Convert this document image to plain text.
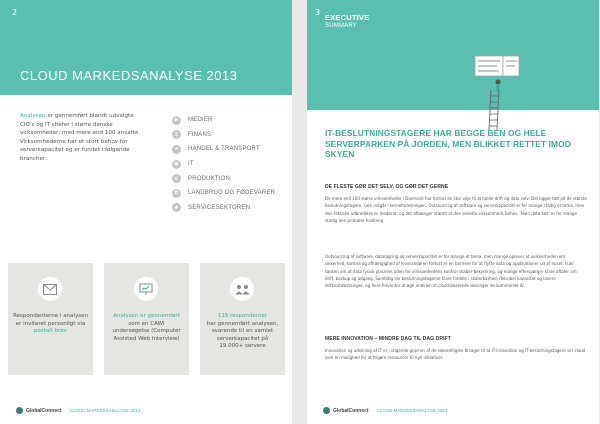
2
CLOUD MARKEDSANALYSE 2013
Analysen er gennemført blandt udvalgte CIO's og IT chefer i større danske virksomheder, med mere end 100 ansatte. Virksomhederne har et stort behov for serverkapacitet og er fundet i følgende brancher:
▶	MEDIER
$	FINANS
➜	HANDEL & TRANSPORT
▣	IT
⚙	PRODUKTION
✿	LANDBRUG OG FØDEVARER
✚	SERVICESEKTOREN
Respondenterne i analysen er inviteret personligt via
postalt brev
Analysen er gennemført
som en CAWI undersøgelse (Computer Assisted Web Interview)
115 respondenter
har gennemført analysen, svarende til en samlet serverkapacitet på 19.000+ servere
GlobalConnect CLOUD MARKEDSANALYSE 2013
3
EXECUTIVE
SUMMARY
IT-BESLUTNINGSTAGERE HAR BEGGE BEN OG HELE SERVERPARKEN PÅ JORDEN, MEN BLIKKET RETTET IMOD SKYEN
DE FLESTE GØR DET SELV, OG GØR DET GERNE

De mere end 100 større virksomheder i Danmark har fortsat en stor vilje til at holde drift og data selv. Det ligger tæt på de største beslutningstagere, som indgår i kerneforretningen. Outsourcing af software og serverkapacitet er for mange stadig et tema, men den faktiske udbredelse er moderat, og det afhænger stærkt af den enkelte virksomheds behov. 'Hold data tæt' er for mange stadig den primære holdning.

Outsourcing af software, datalagring og serverkapacitet er for mange et tema, men mange oplever at usikkerheden om sikkerhed, kontrol og afhængighed af leverandøren fortsat er en barriere for at flytte data og applikationer ud af huset. Især tanken om at data fysisk placeres uden for virksomhedens kontrol skaber bekymring, og mange efterspørger klare aftaler om drift, backup og adgang. Samtidig ser beslutningstagerne klare fordele i skalerbarhed, fleksibel kapacitet og lavere driftsomkostninger, og flere forventer at øge andelen af cloud-baserede løsninger de kommende år.

MERE INNOVATION – MINDRE DAG TIL DAG DRIFT

Innovation og udvikling af IT er i stigende grad en af de væsentligste årsager til at IT-innovation og IT-beslutningstagere ser cloud som en mulighed for at frigøre ressourcer til nye initiativer.

GlobalConnect CLOUD MARKEDSANALYSE 2013
